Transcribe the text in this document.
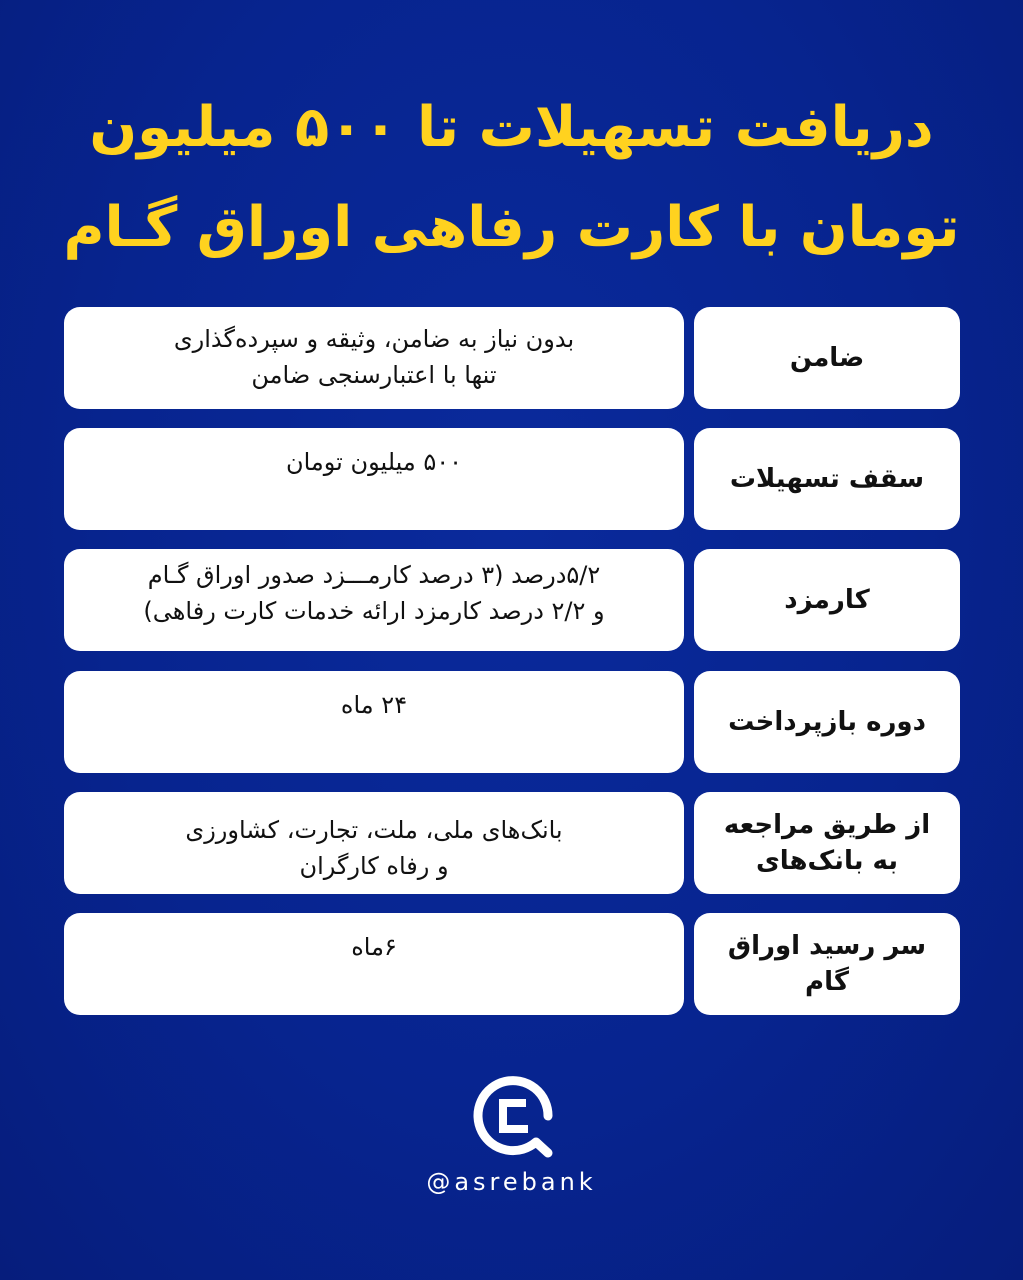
دریافت تسهیلات تا ۵۰۰ میلیون
تومان با کارت رفاهی اوراق گـام
ضامن
بدون نیاز به ضامن، وثیقه و سپرده‌گذاری
تنها با اعتبارسنجی ضامن
سقف تسهیلات
۵۰۰ میلیون تومان
کارمزد
۵/۲درصد (۳ درصد کارمـــزد صدور اوراق گـام
و ۲/۲ درصد کارمزد ارائه خدمات کارت رفاهی)
دوره بازپرداخت
۲۴ ماه
از طریق مراجعه
به بانک‌های
بانک‌های ملی، ملت، تجارت، کشاورزی
و رفاه کارگران
سر رسید اوراق گام
۶ماه
@asrebank
